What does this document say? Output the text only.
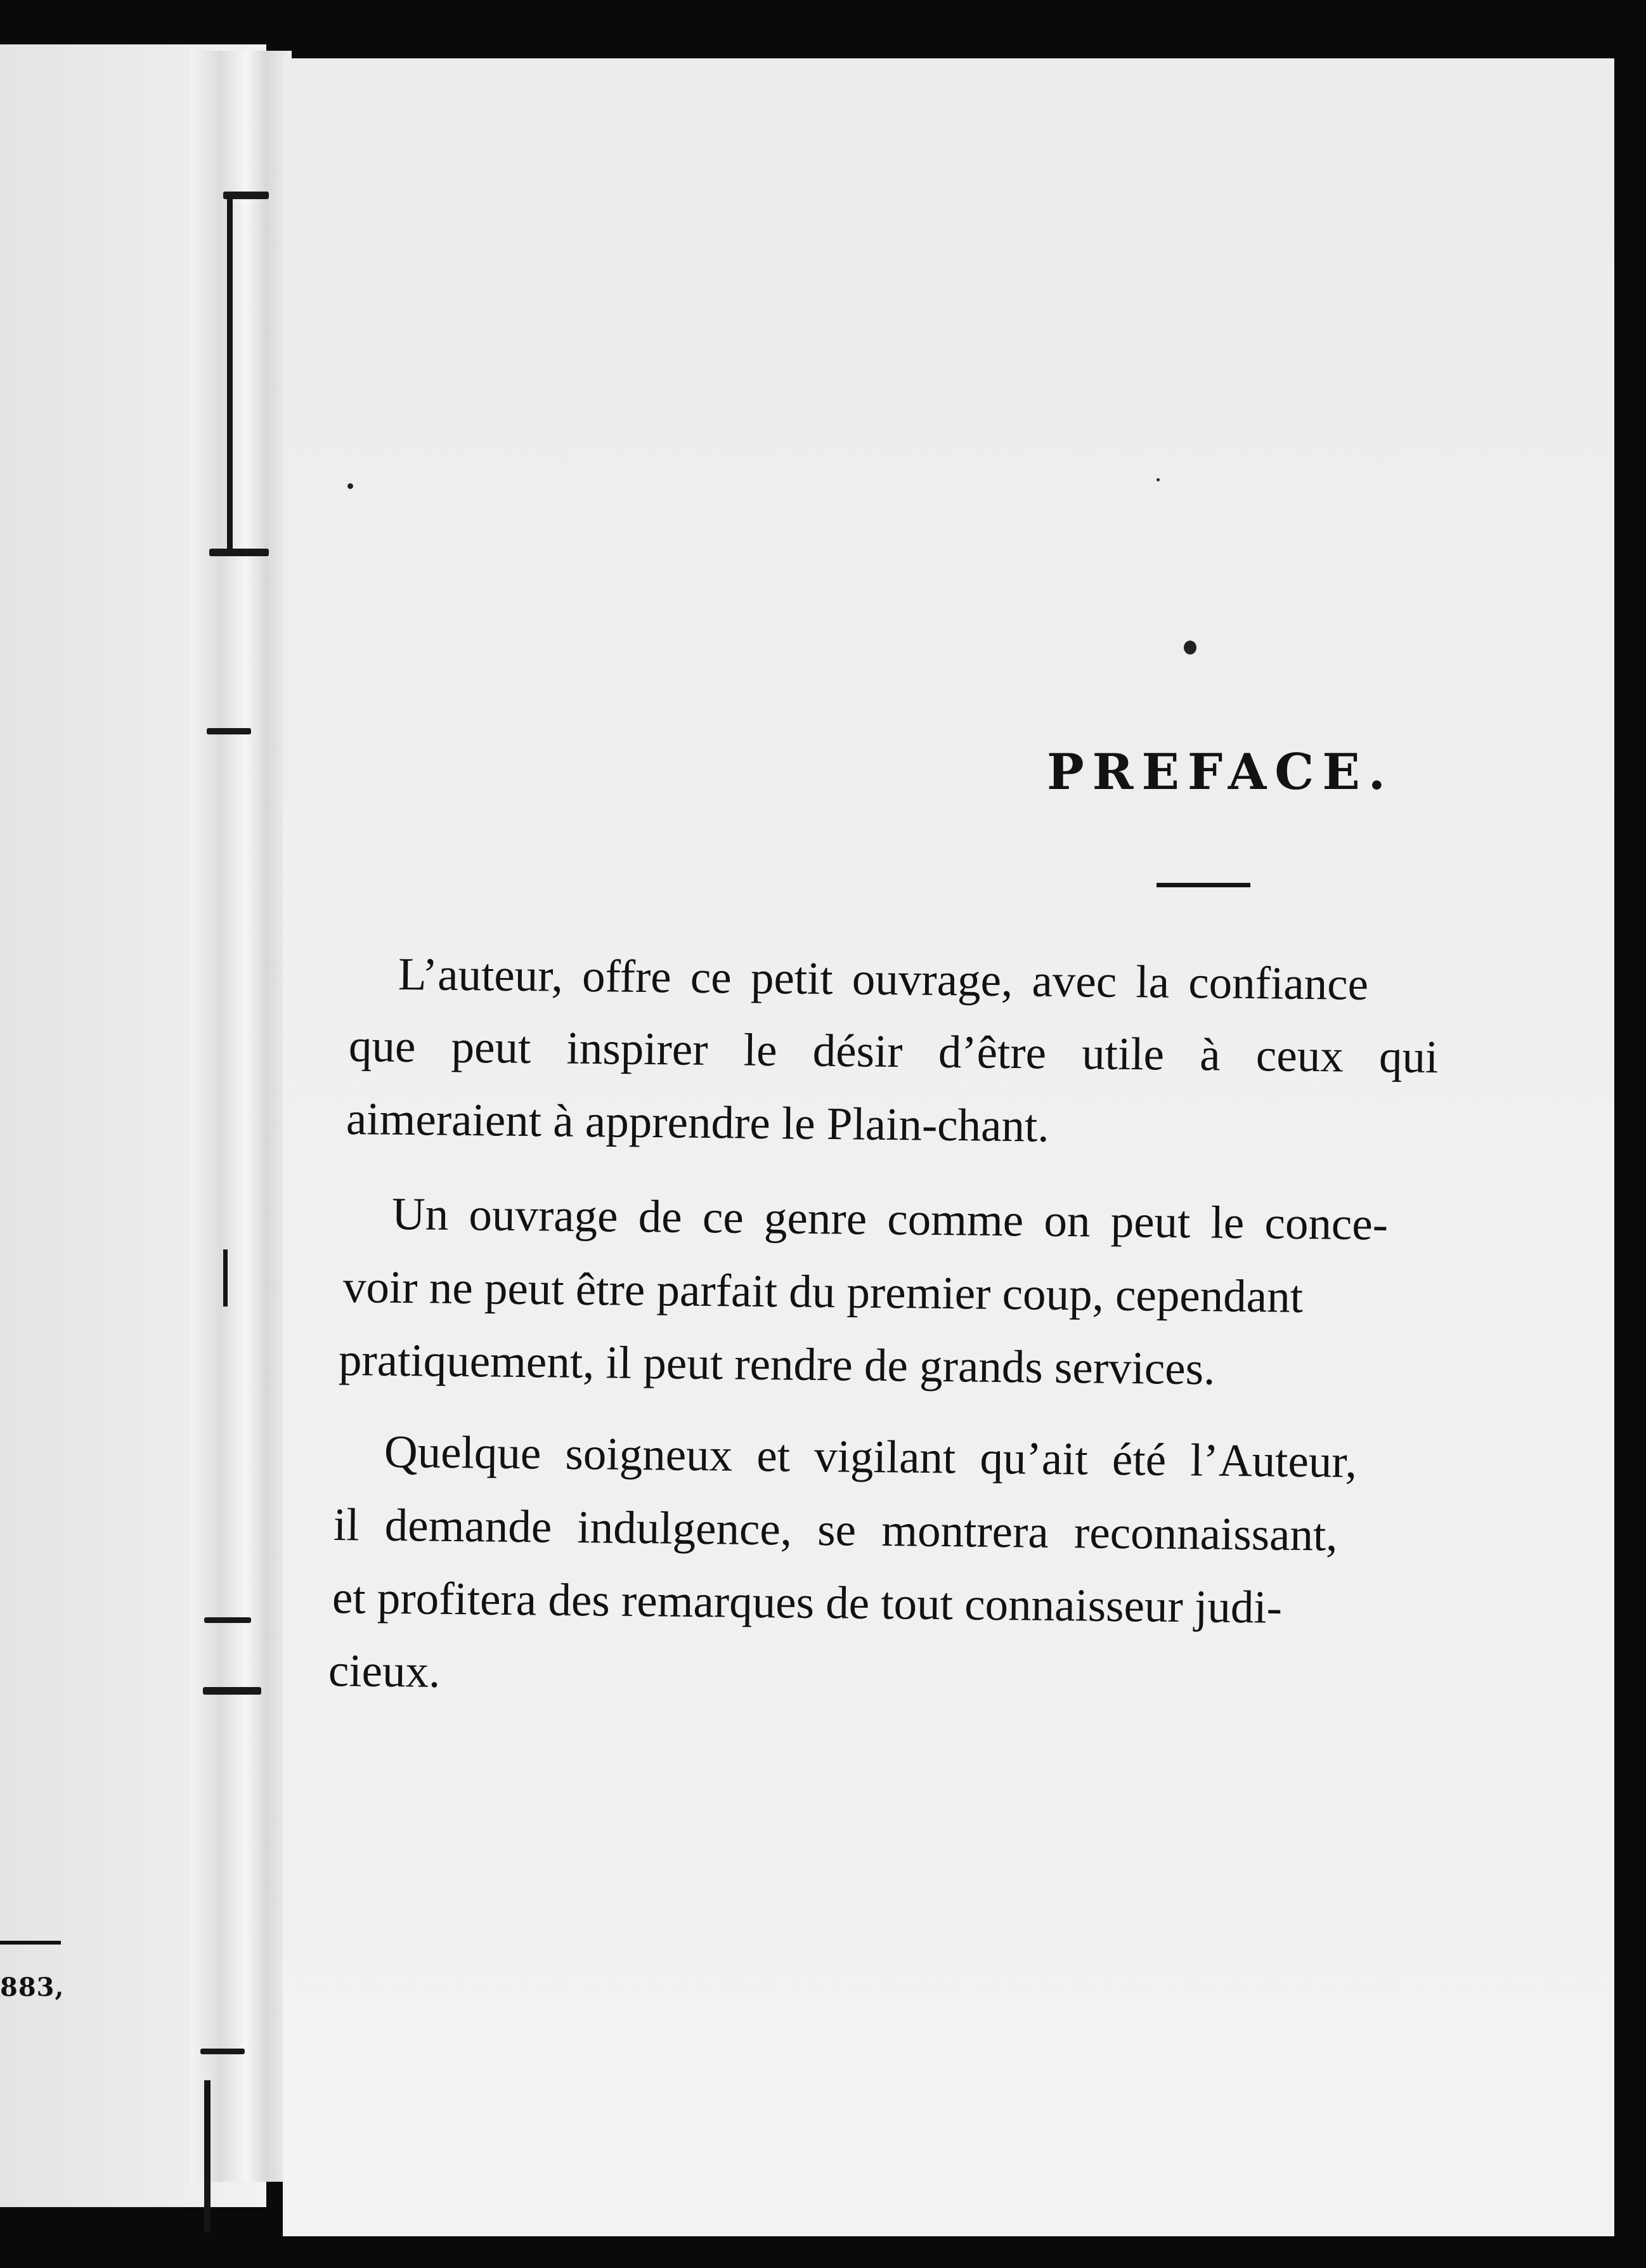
883,
PREFACE.
L’auteur, offre ce petit ouvrage, avec la confiance
que peut inspirer le désir d’être utile à ceux qui
aimeraient à apprendre le Plain-chant.
Un ouvrage de ce genre comme on peut le conce-
voir ne peut être parfait du premier coup, cependant
pratiquement, il peut rendre de grands services.
Quelque soigneux et vigilant qu’ait été l’Auteur,
il demande indulgence, se montrera reconnaissant,
et profitera des remarques de tout connaisseur judi-
cieux.
